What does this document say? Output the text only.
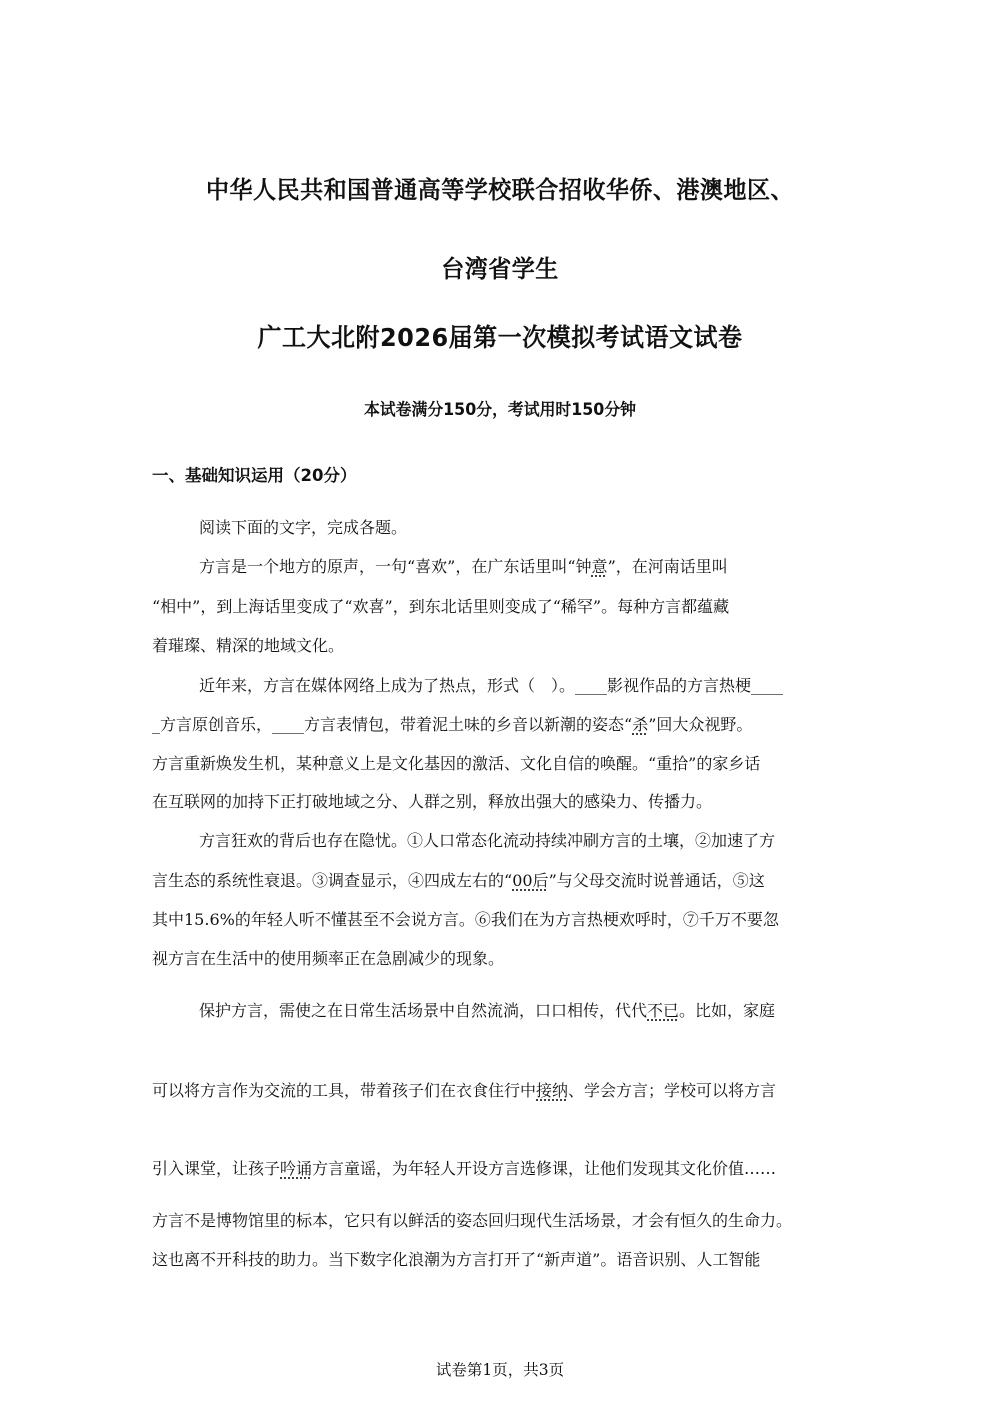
中华人民共和国普通高等学校联合招收华侨、港澳地区、
台湾省学生
广工大北附2026届第一次模拟考试语文试卷
本试卷满分150分，考试用时150分钟
一、基础知识运用（20分）
阅读下面的文字，完成各题。
方言是一个地方的原声，一句“喜欢”，在广东话里叫“钟意”，在河南话里叫
“相中”，到上海话里变成了“欢喜”，到东北话里则变成了“稀罕”。每种方言都蕴藏
着璀璨、精深的地域文化。
近年来，方言在媒体网络上成为了热点，形式（　）。____影视作品的方言热梗____
_方言原创音乐，____方言表情包，带着泥土味的乡音以新潮的姿态“杀”回大众视野。
方言重新焕发生机，某种意义上是文化基因的激活、文化自信的唤醒。“重拾”的家乡话
在互联网的加持下正打破地域之分、人群之别，释放出强大的感染力、传播力。
方言狂欢的背后也存在隐忧。①人口常态化流动持续冲刷方言的土壤，②加速了方
言生态的系统性衰退。③调查显示，④四成左右的“00后”与父母交流时说普通话，⑤这
其中15.6%的年轻人听不懂甚至不会说方言。⑥我们在为方言热梗欢呼时，⑦千万不要忽
视方言在生活中的使用频率正在急剧减少的现象。
保护方言，需使之在日常生活场景中自然流淌，口口相传，代代不已。比如，家庭
可以将方言作为交流的工具，带着孩子们在衣食住行中接纳、学会方言；学校可以将方言
引入课堂，让孩子吟诵方言童谣，为年轻人开设方言选修课，让他们发现其文化价值……
方言不是博物馆里的标本，它只有以鲜活的姿态回归现代生活场景，才会有恒久的生命力。
这也离不开科技的助力。当下数字化浪潮为方言打开了“新声道”。语音识别、人工智能
试卷第1页，共3页
